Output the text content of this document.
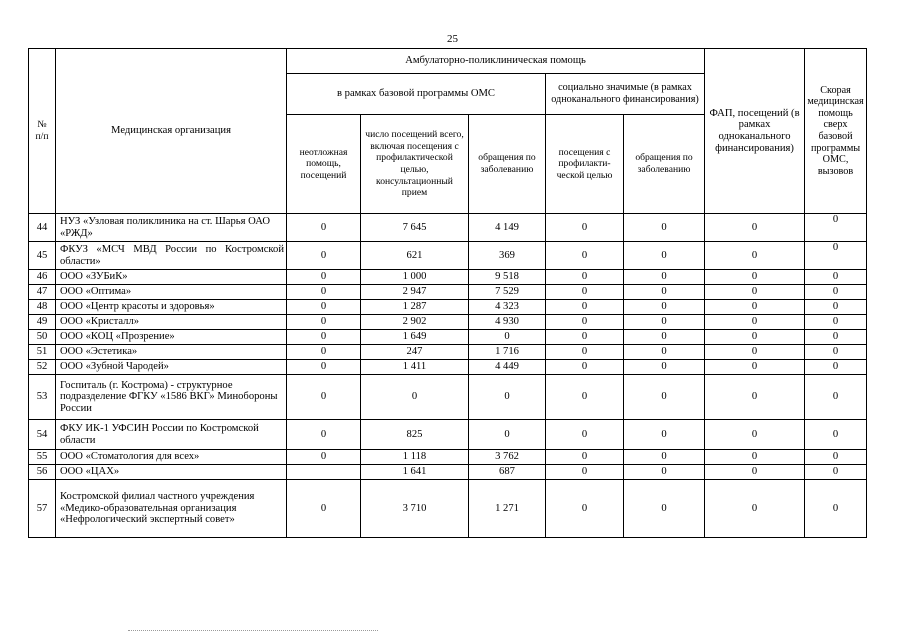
25
№
п/п	Медицинская организация	Амбулаторно-поликлиническая помощь					ФАП, посещений (в рамках одноканального финансирования)	Скорая медицинская помощь сверх базовой программы ОМС, вызовов
		в рамках базовой программы ОМС			социально значимые (в рамках одноканального финансирования)			
		неотложная помощь, посещений	число посещений всего, включая посещения с профилактической целью, консультационный прием	обращения по заболеванию	посещения с профилакти-ческой целью	обращения по заболеванию		
44	НУЗ «Узловая поликлиника на ст. Шарья ОАО «РЖД»	0	7 645	4 149	0	0	0	0
45	ФКУЗ «МСЧ МВД России по Костромской области»	0	621	369	0	0	0	0
46	ООО «ЗУБиК»	0	1 000	9 518	0	0	0	0
47	ООО «Оптима»	0	2 947	7 529	0	0	0	0
48	ООО «Центр красоты и здоровья»	0	1 287	4 323	0	0	0	0
49	ООО «Кристалл»	0	2 902	4 930	0	0	0	0
50	ООО «КОЦ «Прозрение»	0	1 649	0	0	0	0	0
51	ООО «Эстетика»	0	247	1 716	0	0	0	0
52	ООО «Зубной Чародей»	0	1 411	4 449	0	0	0	0
53	Госпиталь (г. Кострома) - структурное подразделение ФГКУ «1586 ВКГ» Минобороны России	0	0	0	0	0	0	0
54	ФКУ ИК-1 УФСИН России по Костромской области	0	825	0	0	0	0	0
55	ООО «Стоматология для всех»	0	1 118	3 762	0	0	0	0
56	ООО «ЦАХ»		1 641	687	0	0	0	0
57	Костромской филиал частного учреждения «Медико-образовательная организация «Нефрологический экспертный совет»	0	3 710	1 271	0	0	0	0
